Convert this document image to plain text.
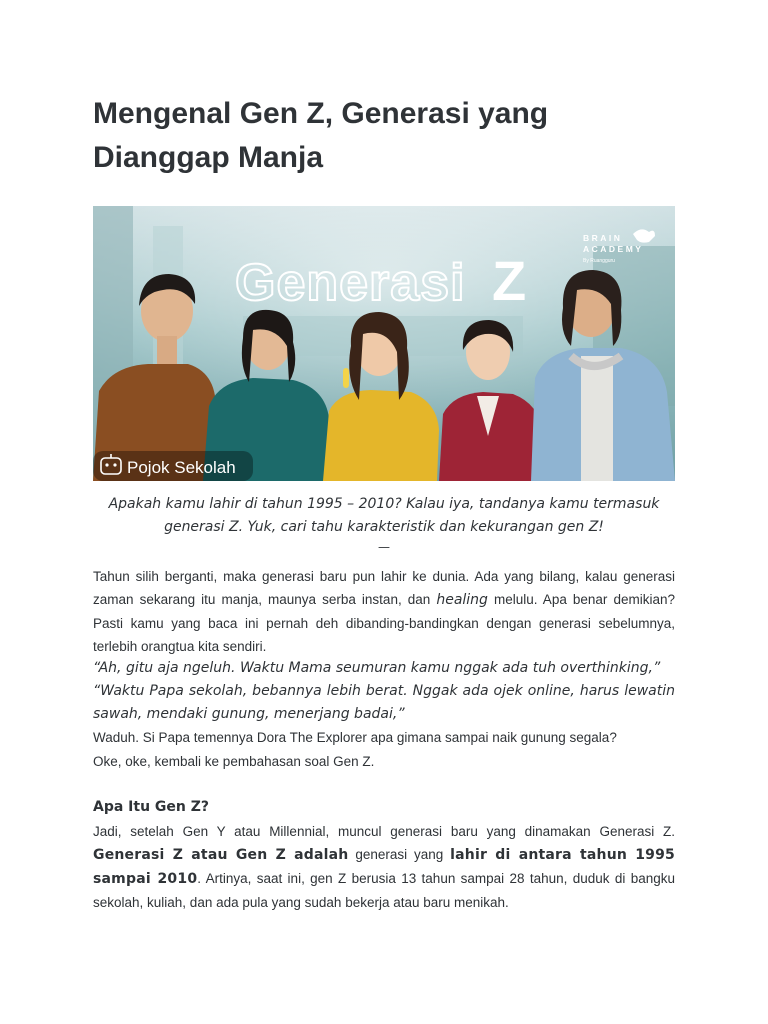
Mengenal Gen Z, Generasi yang Dianggap Manja
Generasi Z
BRAIN
ACADEMY
By Ruangguru
Pojok Sekolah
Apakah kamu lahir di tahun 1995 – 2010? Kalau iya, tandanya kamu termasuk generasi Z. Yuk, cari tahu karakteristik dan kekurangan gen Z!
—

Tahun silih berganti, maka generasi baru pun lahir ke dunia. Ada yang bilang, kalau generasi zaman sekarang itu manja, maunya serba instan, dan healing melulu. Apa benar demikian? Pasti kamu yang baca ini pernah deh dibanding-bandingkan dengan generasi sebelumnya, terlebih orangtua kita sendiri.

“Ah, gitu aja ngeluh. Waktu Mama seumuran kamu nggak ada tuh overthinking,”

“Waktu Papa sekolah, bebannya lebih berat. Nggak ada ojek online, harus lewatin sawah, mendaki gunung, menerjang badai,”

Waduh. Si Papa temennya Dora The Explorer apa gimana sampai naik gunung segala?

Oke, oke, kembali ke pembahasan soal Gen Z.

Apa Itu Gen Z?

Jadi, setelah Gen Y atau Millennial, muncul generasi baru yang dinamakan Generasi Z. Generasi Z atau Gen Z adalah generasi yang lahir di antara tahun 1995 sampai 2010. Artinya, saat ini, gen Z berusia 13 tahun sampai 28 tahun, duduk di bangku sekolah, kuliah, dan ada pula yang sudah bekerja atau baru menikah.
